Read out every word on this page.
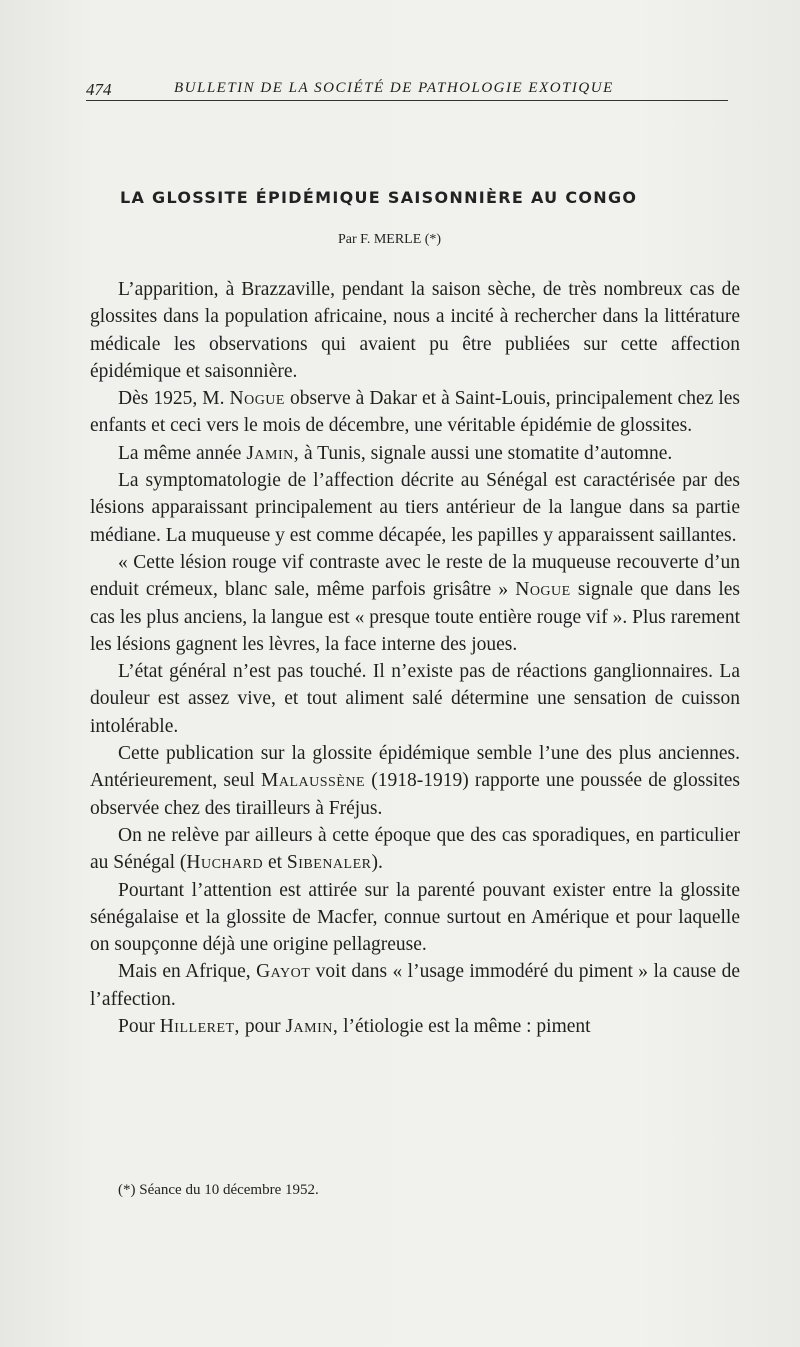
474	BULLETIN DE LA SOCIÉTÉ DE PATHOLOGIE EXOTIQUE
LA GLOSSITE ÉPIDÉMIQUE SAISONNIÈRE AU CONGO
Par F. MERLE (*)

L’apparition, à Brazzaville, pendant la saison sèche, de très nombreux cas de glossites dans la population africaine, nous a incité à rechercher dans la littérature médicale les observations qui avaient pu être publiées sur cette affection épidémique et saisonnière.

Dès 1925, M. Nogue observe à Dakar et à Saint-Louis, principalement chez les enfants et ceci vers le mois de décembre, une véritable épidémie de glossites.

La même année Jamin, à Tunis, signale aussi une stomatite d’automne.

La symptomatologie de l’affection décrite au Sénégal est caractérisée par des lésions apparaissant principalement au tiers antérieur de la langue dans sa partie médiane. La muqueuse y est comme décapée, les papilles y apparaissent saillantes.

« Cette lésion rouge vif contraste avec le reste de la muqueuse recouverte d’un enduit crémeux, blanc sale, même parfois grisâtre » Nogue signale que dans les cas les plus anciens, la langue est « presque toute entière rouge vif ». Plus rarement les lésions gagnent les lèvres, la face interne des joues.

L’état général n’est pas touché. Il n’existe pas de réactions ganglionnaires. La douleur est assez vive, et tout aliment salé détermine une sensation de cuisson intolérable.

Cette publication sur la glossite épidémique semble l’une des plus anciennes. Antérieurement, seul Malaussène (1918-1919) rapporte une poussée de glossites observée chez des tirailleurs à Fréjus.

On ne relève par ailleurs à cette époque que des cas sporadiques, en particulier au Sénégal (Huchard et Sibenaler).

Pourtant l’attention est attirée sur la parenté pouvant exister entre la glossite sénégalaise et la glossite de Macfer, connue surtout en Amérique et pour laquelle on soupçonne déjà une origine pellagreuse.

Mais en Afrique, Gayot voit dans « l’usage immodéré du piment » la cause de l’affection.

Pour Hilleret, pour Jamin, l’étiologie est la même : piment

(*) Séance du 10 décembre 1952.
